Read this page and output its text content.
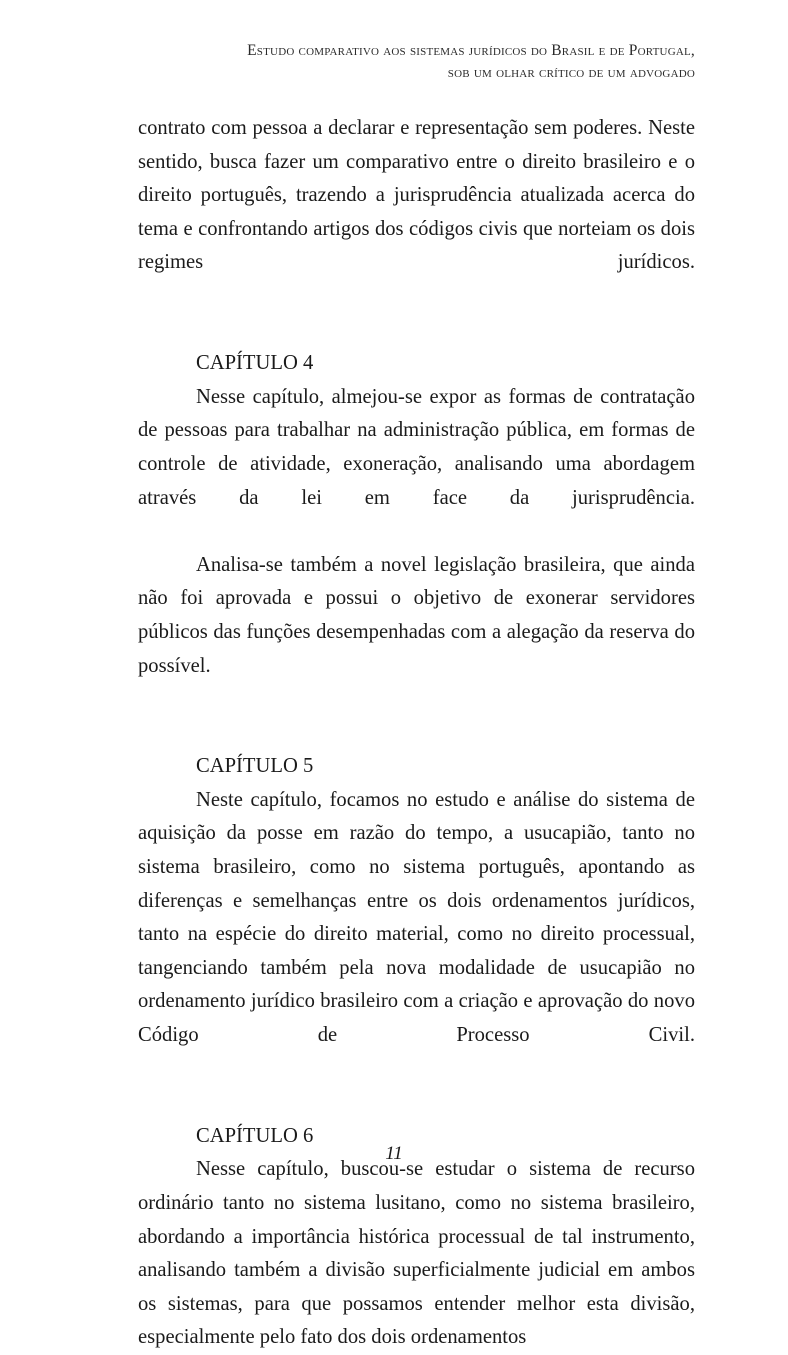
Estudo comparativo aos sistemas jurídicos do Brasil e de Portugal,
sob um olhar crítico de um advogado

contrato com pessoa a declarar e representação sem poderes. Neste sentido, busca fazer um comparativo entre o direito brasileiro e o direito português, trazendo a jurisprudência atualizada acerca do tema e confrontando artigos dos códigos civis que norteiam os dois regimes jurídicos.

CAPÍTULO 4

Nesse capítulo, almejou-se expor as formas de contratação de pessoas para trabalhar na administração pública, em formas de controle de atividade, exoneração, analisando uma abordagem através da lei em face da jurisprudência.

Analisa-se também a novel legislação brasileira, que ainda não foi aprovada e possui o objetivo de exonerar servidores públicos das funções desempenhadas com a alegação da reserva do possível.

CAPÍTULO 5

Neste capítulo, focamos no estudo e análise do sistema de aquisição da posse em razão do tempo, a usucapião, tanto no sistema brasileiro, como no sistema português, apontando as diferenças e semelhanças entre os dois ordenamentos jurídicos, tanto na espécie do direito material, como no direito processual, tangenciando também pela nova modalidade de usucapião no ordenamento jurídico brasileiro com a criação e aprovação do novo Código de Processo Civil.

CAPÍTULO 6

Nesse capítulo, buscou-se estudar o sistema de recurso ordinário tanto no sistema lusitano, como no sistema brasileiro, abordando a importância histórica processual de tal instrumento, analisando também a divisão superficialmente judicial em ambos os sistemas, para que possamos entender melhor esta divisão, especialmente pelo fato dos dois ordenamentos

11
